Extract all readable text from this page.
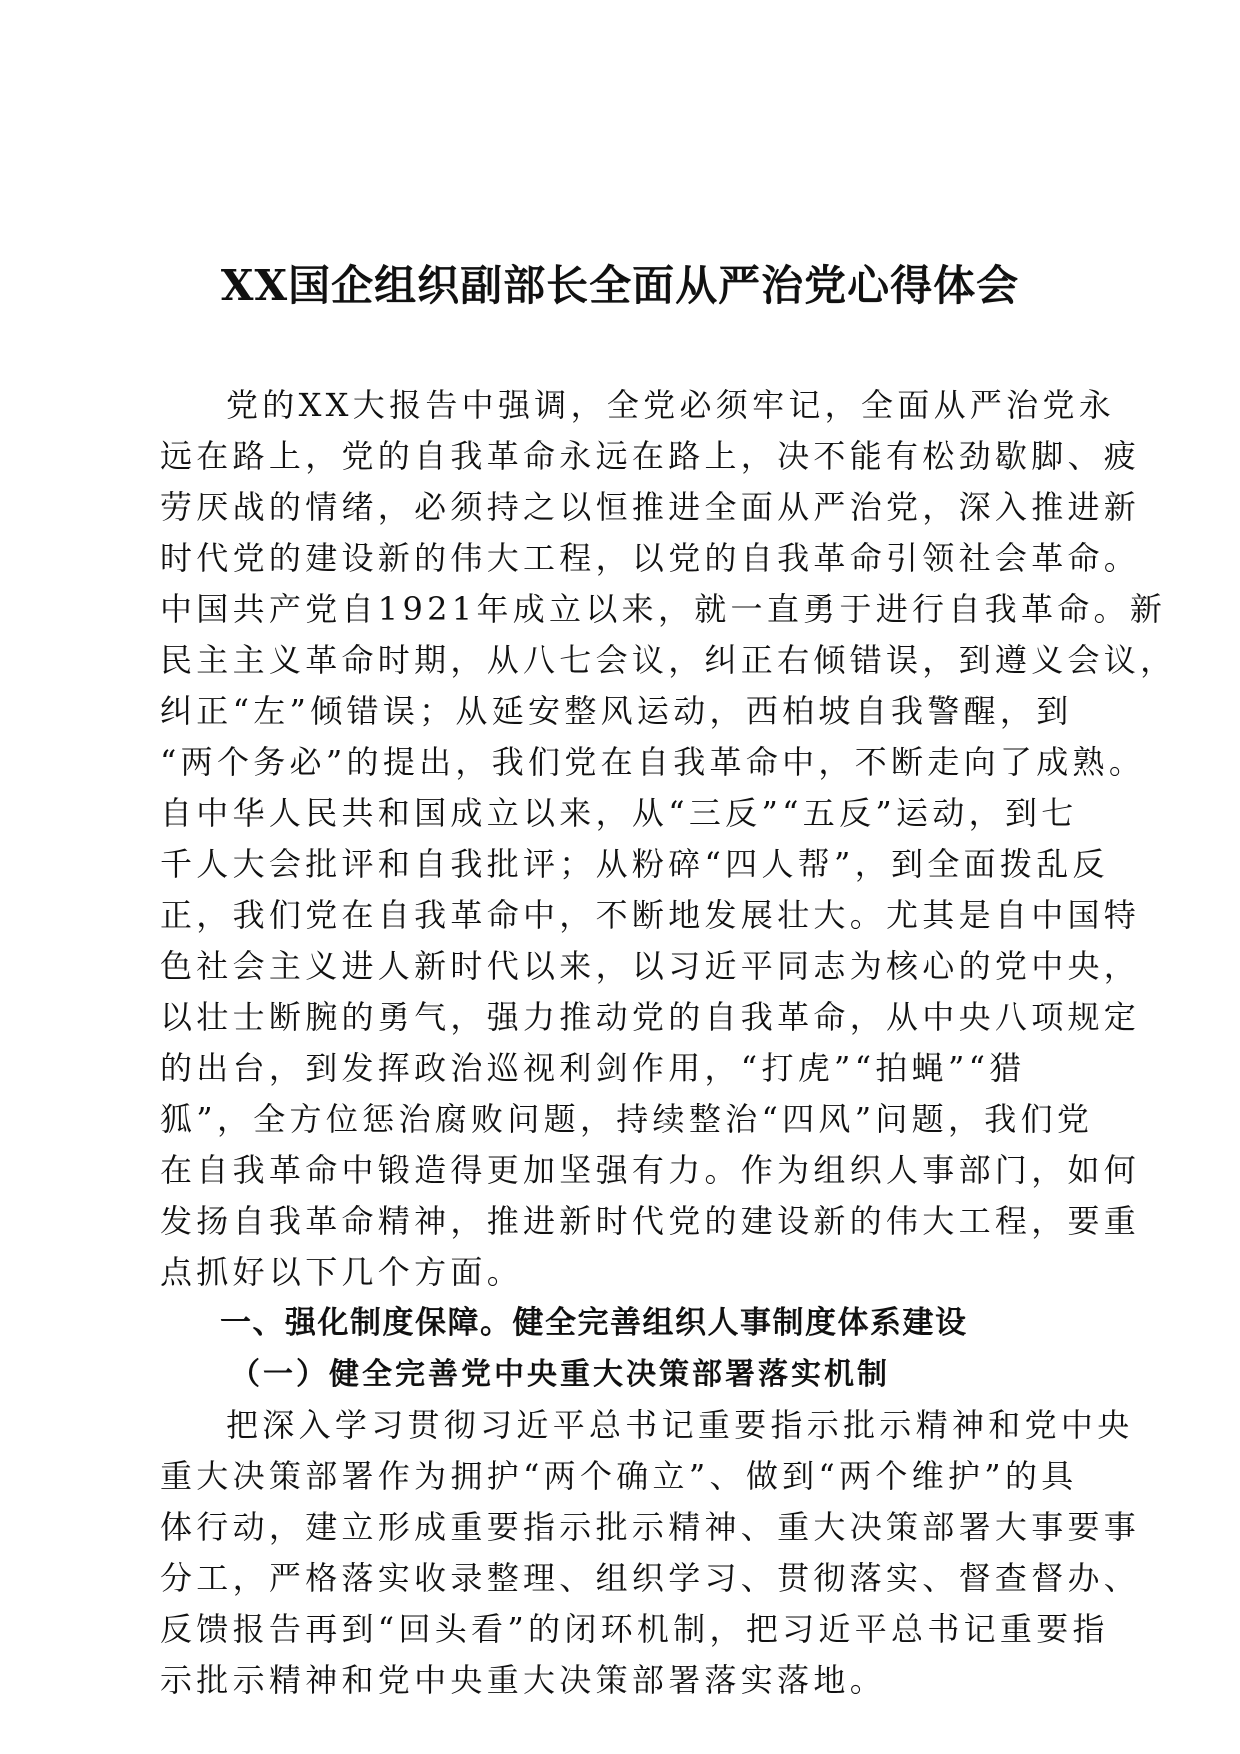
XX国企组织副部长全面从严治党心得体会
党的XX大报告中强调，全党必须牢记，全面从严治党永
远在路上，党的自我革命永远在路上，决不能有松劲歇脚、疲
劳厌战的情绪，必须持之以恒推进全面从严治党，深入推进新
时代党的建设新的伟大工程，以党的自我革命引领社会革命。
中国共产党自1921年成立以来，就一直勇于进行自我革命。新
民主主义革命时期，从八七会议，纠正右倾错误，到遵义会议，
纠正“左”倾错误；从延安整风运动，西柏坡自我警醒，到
“两个务必”的提出，我们党在自我革命中，不断走向了成熟。
自中华人民共和国成立以来，从“三反”“五反”运动，到七
千人大会批评和自我批评；从粉碎“四人帮”，到全面拨乱反
正，我们党在自我革命中，不断地发展壮大。尤其是自中国特
色社会主义进人新时代以来，以习近平同志为核心的党中央，
以壮士断腕的勇气，强力推动党的自我革命，从中央八项规定
的出台，到发挥政治巡视利剑作用，“打虎”“拍蝇”“猎
狐”，全方位惩治腐败问题，持续整治“四风”问题，我们党
在自我革命中锻造得更加坚强有力。作为组织人事部门，如何
发扬自我革命精神，推进新时代党的建设新的伟大工程，要重
点抓好以下几个方面。
一、强化制度保障。健全完善组织人事制度体系建设
（一）健全完善党中央重大决策部署落实机制
把深入学习贯彻习近平总书记重要指示批示精神和党中央
重大决策部署作为拥护“两个确立”、做到“两个维护”的具
体行动，建立形成重要指示批示精神、重大决策部署大事要事
分工，严格落实收录整理、组织学习、贯彻落实、督查督办、
反馈报告再到“回头看”的闭环机制，把习近平总书记重要指
示批示精神和党中央重大决策部署落实落地。
